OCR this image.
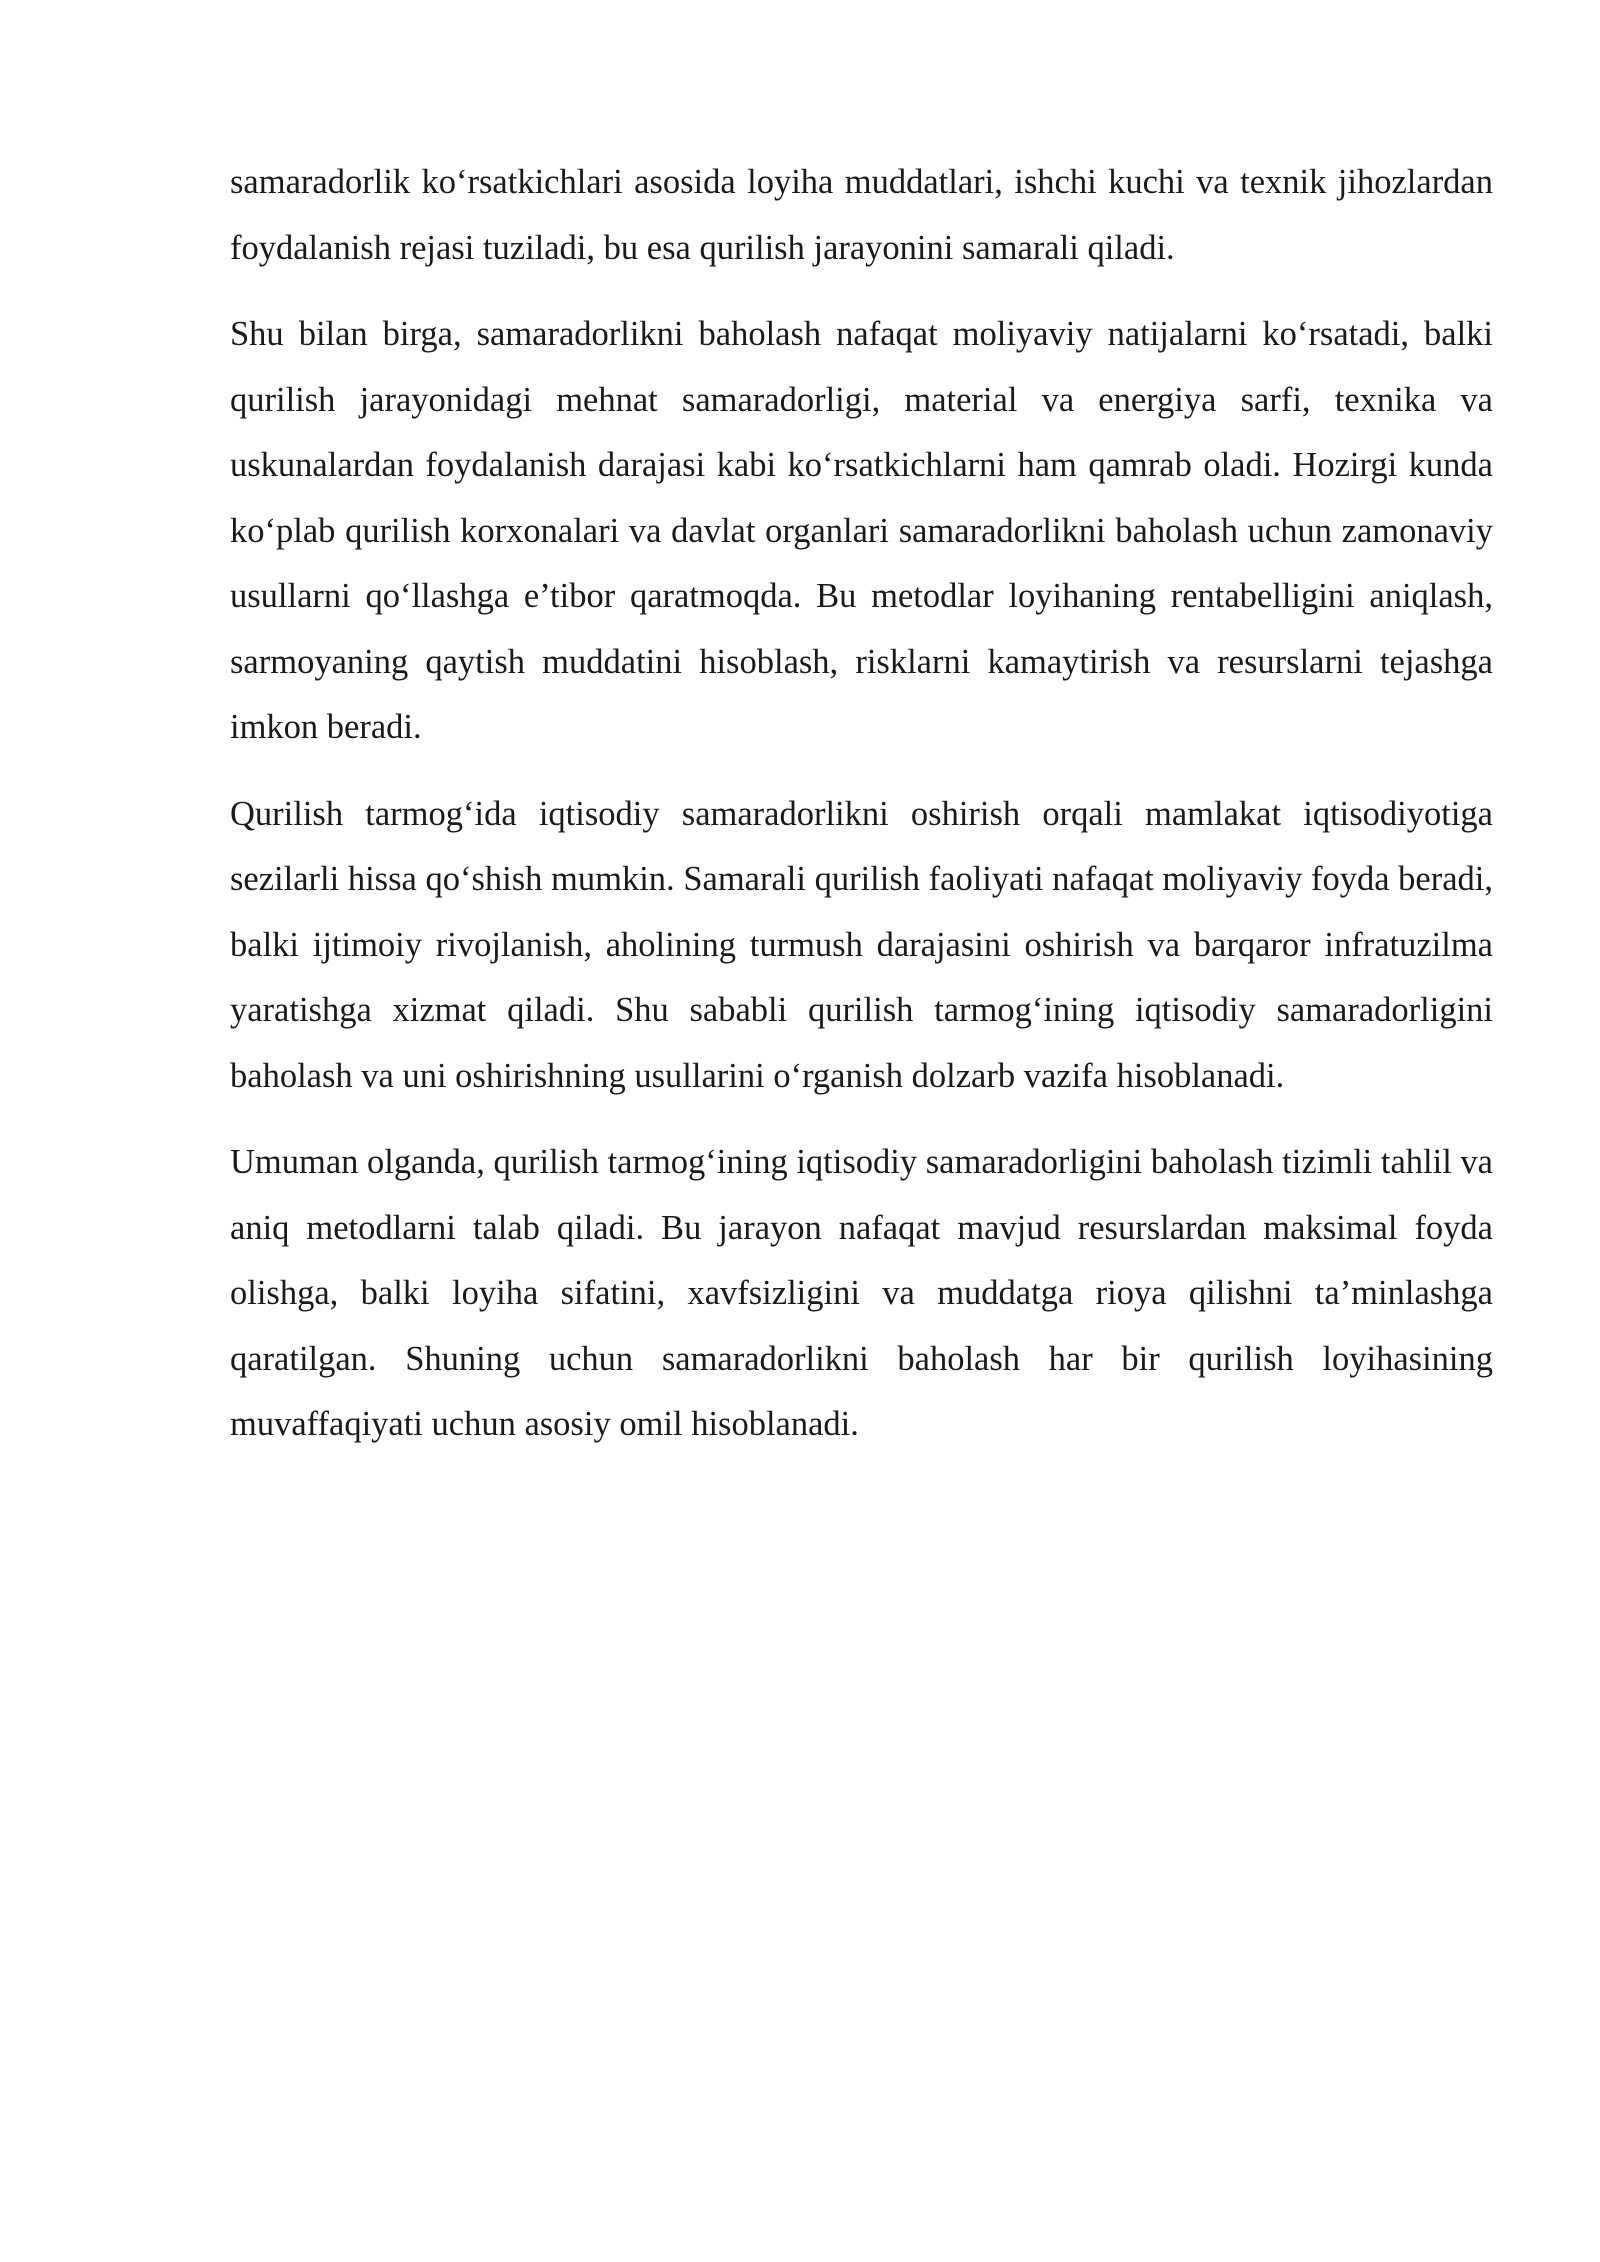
samaradorlik ko‘rsatkichlari asosida loyiha muddatlari, ishchi kuchi va texnik jihozlardan foydalanish rejasi tuziladi, bu esa qurilish jarayonini samarali qiladi.

Shu bilan birga, samaradorlikni baholash nafaqat moliyaviy natijalarni ko‘rsatadi, balki qurilish jarayonidagi mehnat samaradorligi, material va energiya sarfi, texnika va uskunalardan foydalanish darajasi kabi ko‘rsatkichlarni ham qamrab oladi. Hozirgi kunda ko‘plab qurilish korxonalari va davlat organlari samaradorlikni baholash uchun zamonaviy usullarni qo‘llashga e’tibor qaratmoqda. Bu metodlar loyihaning rentabelligini aniqlash, sarmoyaning qaytish muddatini hisoblash, risklarni kamaytirish va resurslarni tejashga imkon beradi.

Qurilish tarmog‘ida iqtisodiy samaradorlikni oshirish orqali mamlakat iqtisodiyotiga sezilarli hissa qo‘shish mumkin. Samarali qurilish faoliyati nafaqat moliyaviy foyda beradi, balki ijtimoiy rivojlanish, aholining turmush darajasini oshirish va barqaror infratuzilma yaratishga xizmat qiladi. Shu sababli qurilish tarmog‘ining iqtisodiy samaradorligini baholash va uni oshirishning usullarini o‘rganish dolzarb vazifa hisoblanadi.

Umuman olganda, qurilish tarmog‘ining iqtisodiy samaradorligini baholash tizimli tahlil va aniq metodlarni talab qiladi. Bu jarayon nafaqat mavjud resurslardan maksimal foyda olishga, balki loyiha sifatini, xavfsizligini va muddatga rioya qilishni ta’minlashga qaratilgan. Shuning uchun samaradorlikni baholash har bir qurilish loyihasining muvaffaqiyati uchun asosiy omil hisoblanadi.
